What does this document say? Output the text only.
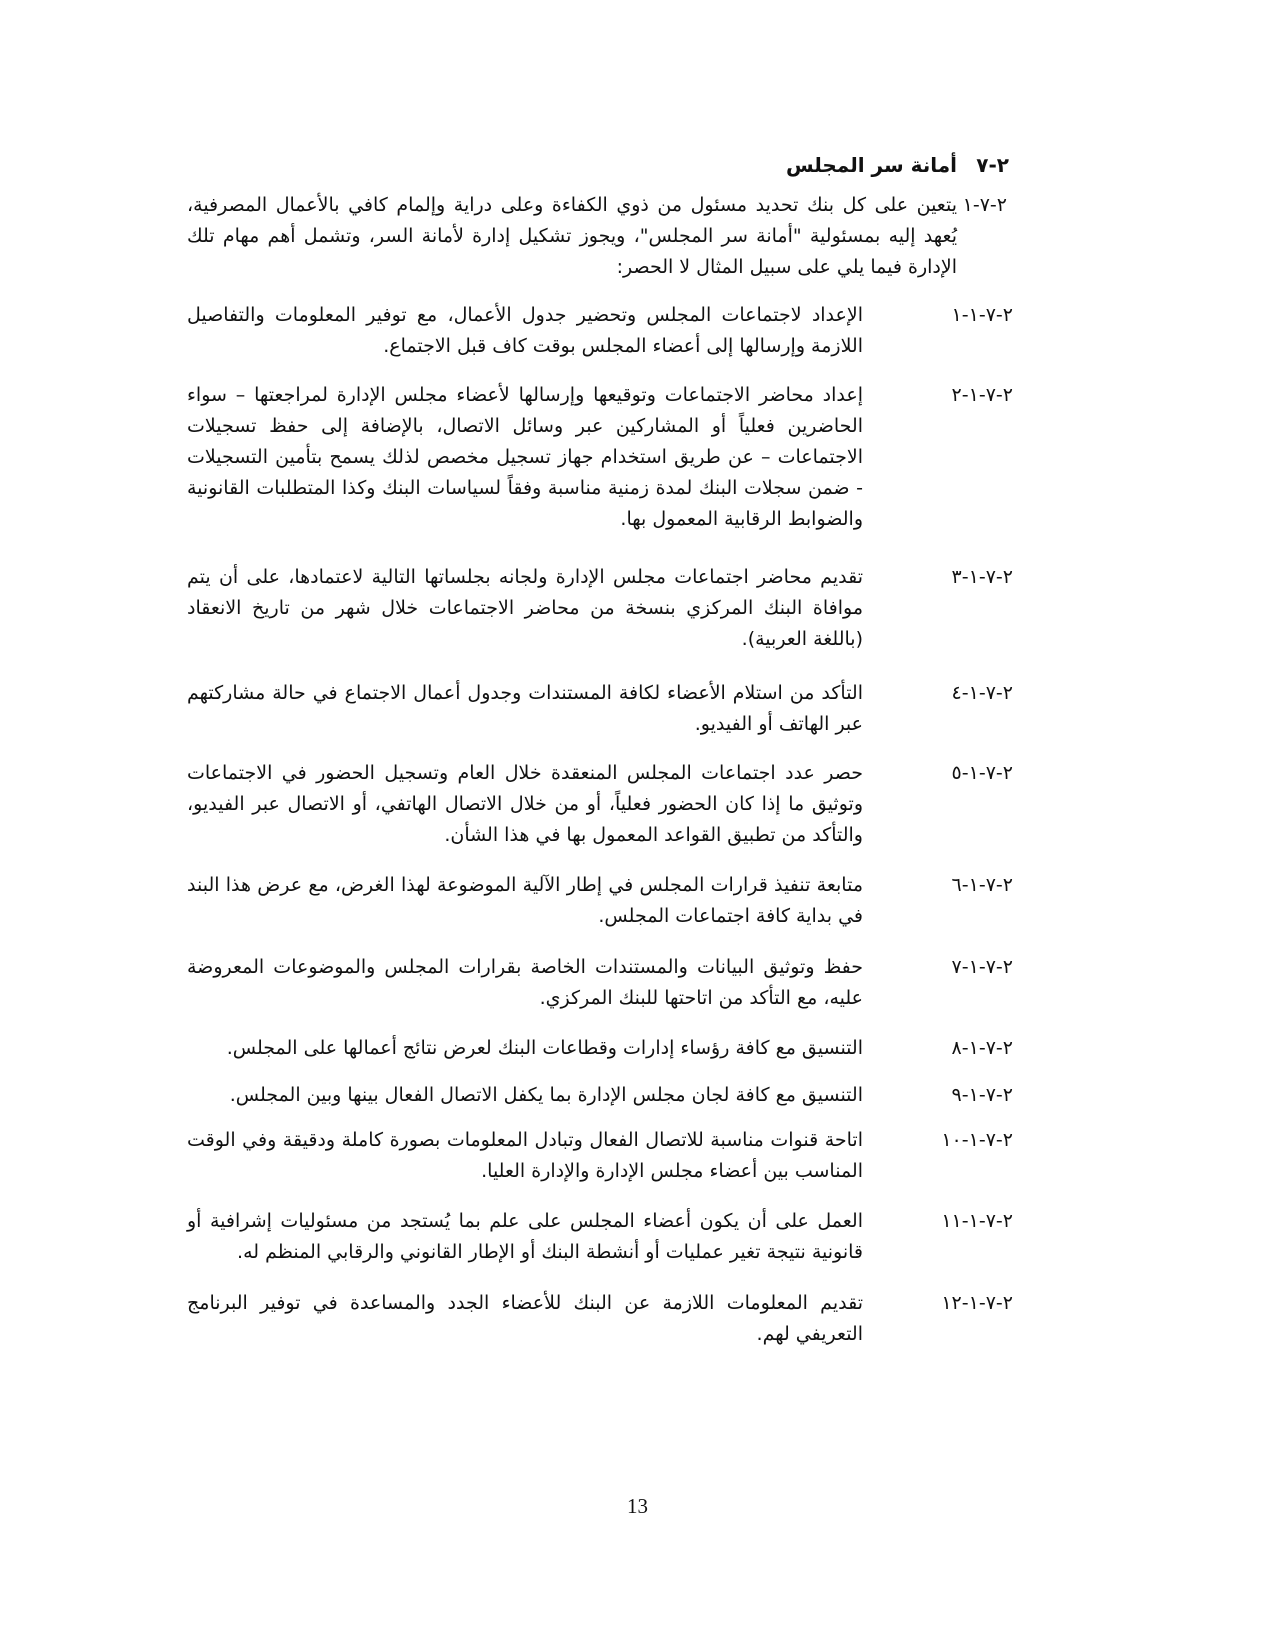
٢-٧أمانة سر المجلس
٢-٧-١
يتعين على كل بنك تحديد مسئول من ذوي الكفاءة وعلى دراية وإلمام كافي بالأعمال المصرفية، يُعهد إليه بمسئولية "أمانة سر المجلس"، ويجوز تشكيل إدارة لأمانة السر، وتشمل أهم مهام تلك الإدارة فيما يلي على سبيل المثال لا الحصر:
٢-٧-١-١
الإعداد لاجتماعات المجلس وتحضير جدول الأعمال، مع توفير المعلومات والتفاصيل اللازمة وإرسالها إلى أعضاء المجلس بوقت كاف قبل الاجتماع.
٢-٧-١-٢
إعداد محاضر الاجتماعات وتوقيعها وإرسالها لأعضاء مجلس الإدارة لمراجعتها – سواء الحاضرين فعلياً أو المشاركين عبر وسائل الاتصال، بالإضافة إلى حفظ تسجيلات الاجتماعات – عن طريق استخدام جهاز تسجيل مخصص لذلك يسمح بتأمين التسجيلات - ضمن سجلات البنك لمدة زمنية مناسبة وفقاً لسياسات البنك وكذا المتطلبات القانونية والضوابط الرقابية المعمول بها.
٢-٧-١-٣
تقديم محاضر اجتماعات مجلس الإدارة ولجانه بجلساتها التالية لاعتمادها، على أن يتم موافاة البنك المركزي بنسخة من محاضر الاجتماعات خلال شهر من تاريخ الانعقاد (باللغة العربية).
٢-٧-١-٤
التأكد من استلام الأعضاء لكافة المستندات وجدول أعمال الاجتماع في حالة مشاركتهم عبر الهاتف أو الفيديو.
٢-٧-١-٥
حصر عدد اجتماعات المجلس المنعقدة خلال العام وتسجيل الحضور في الاجتماعات وتوثيق ما إذا كان الحضور فعلياً، أو من خلال الاتصال الهاتفي، أو الاتصال عبر الفيديو، والتأكد من تطبيق القواعد المعمول بها في هذا الشأن.
٢-٧-١-٦
متابعة تنفيذ قرارات المجلس في إطار الآلية الموضوعة لهذا الغرض، مع عرض هذا البند في بداية كافة اجتماعات المجلس.
٢-٧-١-٧
حفظ وتوثيق البيانات والمستندات الخاصة بقرارات المجلس والموضوعات المعروضة عليه، مع التأكد من اتاحتها للبنك المركزي.
٢-٧-١-٨
التنسيق مع كافة رؤساء إدارات وقطاعات البنك لعرض نتائج أعمالها على المجلس.
٢-٧-١-٩
التنسيق مع كافة لجان مجلس الإدارة بما يكفل الاتصال الفعال بينها وبين المجلس.
٢-٧-١-١٠
اتاحة قنوات مناسبة للاتصال الفعال وتبادل المعلومات بصورة كاملة ودقيقة وفي الوقت المناسب بين أعضاء مجلس الإدارة والإدارة العليا.
٢-٧-١-١١
العمل على أن يكون أعضاء المجلس على علم بما يُستجد من مسئوليات إشرافية أو قانونية نتيجة تغير عمليات أو أنشطة البنك أو الإطار القانوني والرقابي المنظم له.
٢-٧-١-١٢
تقديم المعلومات اللازمة عن البنك للأعضاء الجدد والمساعدة في توفير البرنامج التعريفي لهم.
13
